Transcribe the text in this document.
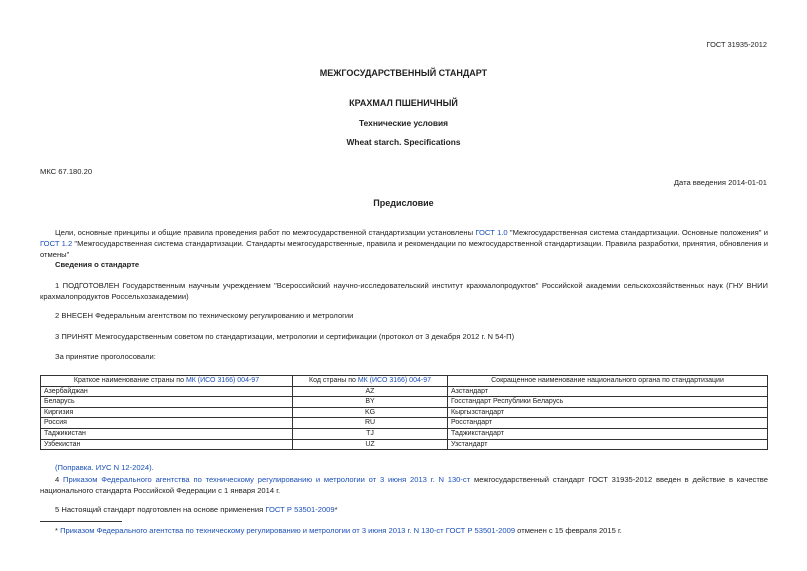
ГОСТ 31935-2012
МЕЖГОСУДАРСТВЕННЫЙ СТАНДАРТ
КРАХМАЛ ПШЕНИЧНЫЙ
Технические условия
Wheat starch. Specifications
МКС 67.180.20
Дата введения 2014-01-01
Предисловие
Цели, основные принципы и общие правила проведения работ по межгосударственной стандартизации установлены ГОСТ 1.0 "Межгосударственная система стандартизации. Основные положения" и ГОСТ 1.2 "Межгосударственная система стандартизации. Стандарты межгосударственные, правила и рекомендации по межгосударственной стандартизации. Правила разработки, принятия, обновления и отмены"
Сведения о стандарте
1 ПОДГОТОВЛЕН Государственным научным учреждением "Всероссийский научно-исследовательский институт крахмалопродуктов" Российской академии сельскохозяйственных наук (ГНУ ВНИИ крахмалопродуктов Россельхозакадемии)
2 ВНЕСЕН Федеральным агентством по техническому регулированию и метрологии
3 ПРИНЯТ Межгосударственным советом по стандартизации, метрологии и сертификации (протокол от 3 декабря 2012 г. N 54-П)
За принятие проголосовали:
Краткое наименование страны по МК (ИСО 3166) 004-97	Код страны по МК (ИСО 3166) 004-97	Сокращенное наименование национального органа по стандартизации
Азербайджан	AZ	Азстандарт
Беларусь	BY	Госстандарт Республики Беларусь
Киргизия	KG	Кыргызстандарт
Россия	RU	Росстандарт
Таджикистан	TJ	Таджикстандарт
Узбекистан	UZ	Узстандарт
(Поправка. ИУС N 12-2024).
4 Приказом Федерального агентства по техническому регулированию и метрологии от 3 июня 2013 г. N 130-ст межгосударственный стандарт ГОСТ 31935-2012 введен в действие в качестве национального стандарта Российской Федерации с 1 января 2014 г.
5 Настоящий стандарт подготовлен на основе применения ГОСТ Р 53501-2009*
* Приказом Федерального агентства по техническому регулированию и метрологии от 3 июня 2013 г. N 130-ст ГОСТ Р 53501-2009 отменен с 15 февраля 2015 г.
